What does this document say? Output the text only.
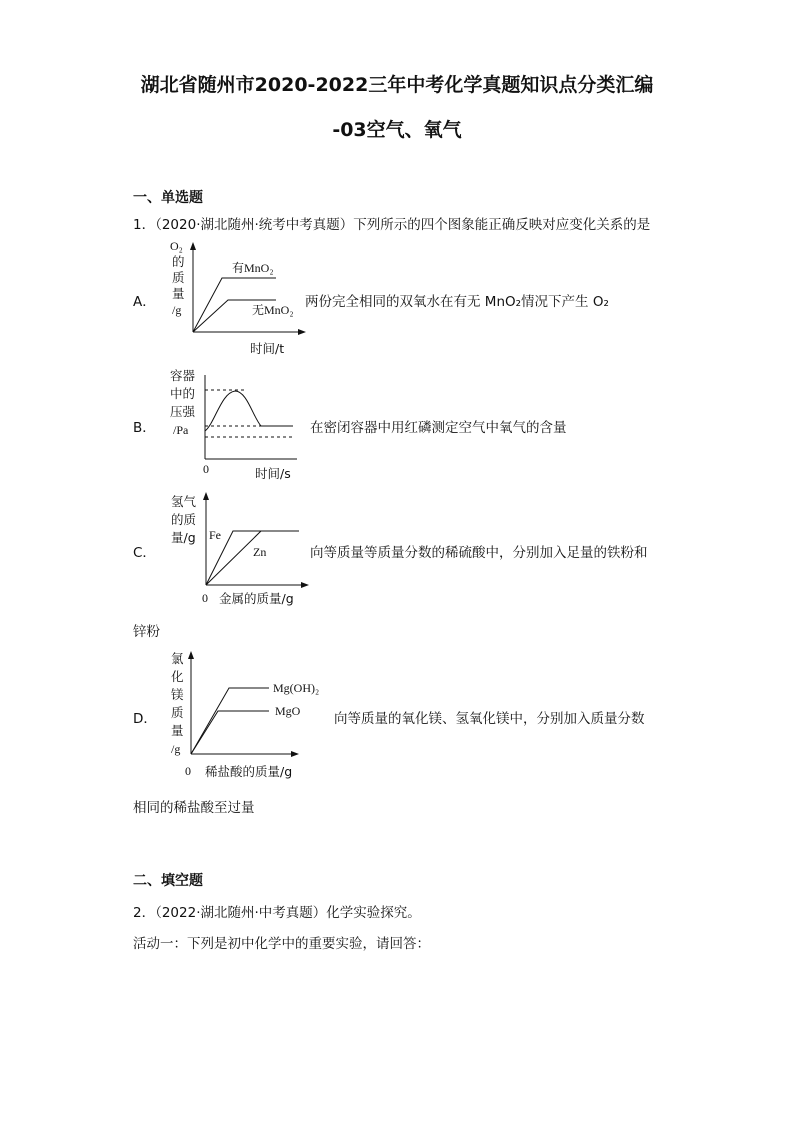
湖北省随州市2020-2022三年中考化学真题知识点分类汇编
-03空气、氧气
一、单选题
1．（2020·湖北随州·统考中考真题）下列所示的四个图象能正确反映对应变化关系的是
A．
O₂
的
质
量
/g
有MnO₂
无MnO₂
时间/t
两份完全相同的双氧水在有无 MnO₂情况下产生 O₂
B．
容器
中的
压强
/Pa
0	时间/s
在密闭容器中用红磷测定空气中氧气的含量
C．
氢气
的质
量/g Fe
Zn
0 金属的质量/g
向等质量等质量分数的稀硫酸中，分别加入足量的铁粉和
锌粉
D．
氯
化
镁
质
量
/g
Mg(OH)₂
MgO
0 稀盐酸的质量/g
向等质量的氧化镁、氢氧化镁中，分别加入质量分数
相同的稀盐酸至过量
二、填空题
2．（2022·湖北随州·中考真题）化学实验探究。
活动一：下列是初中化学中的重要实验，请回答：
